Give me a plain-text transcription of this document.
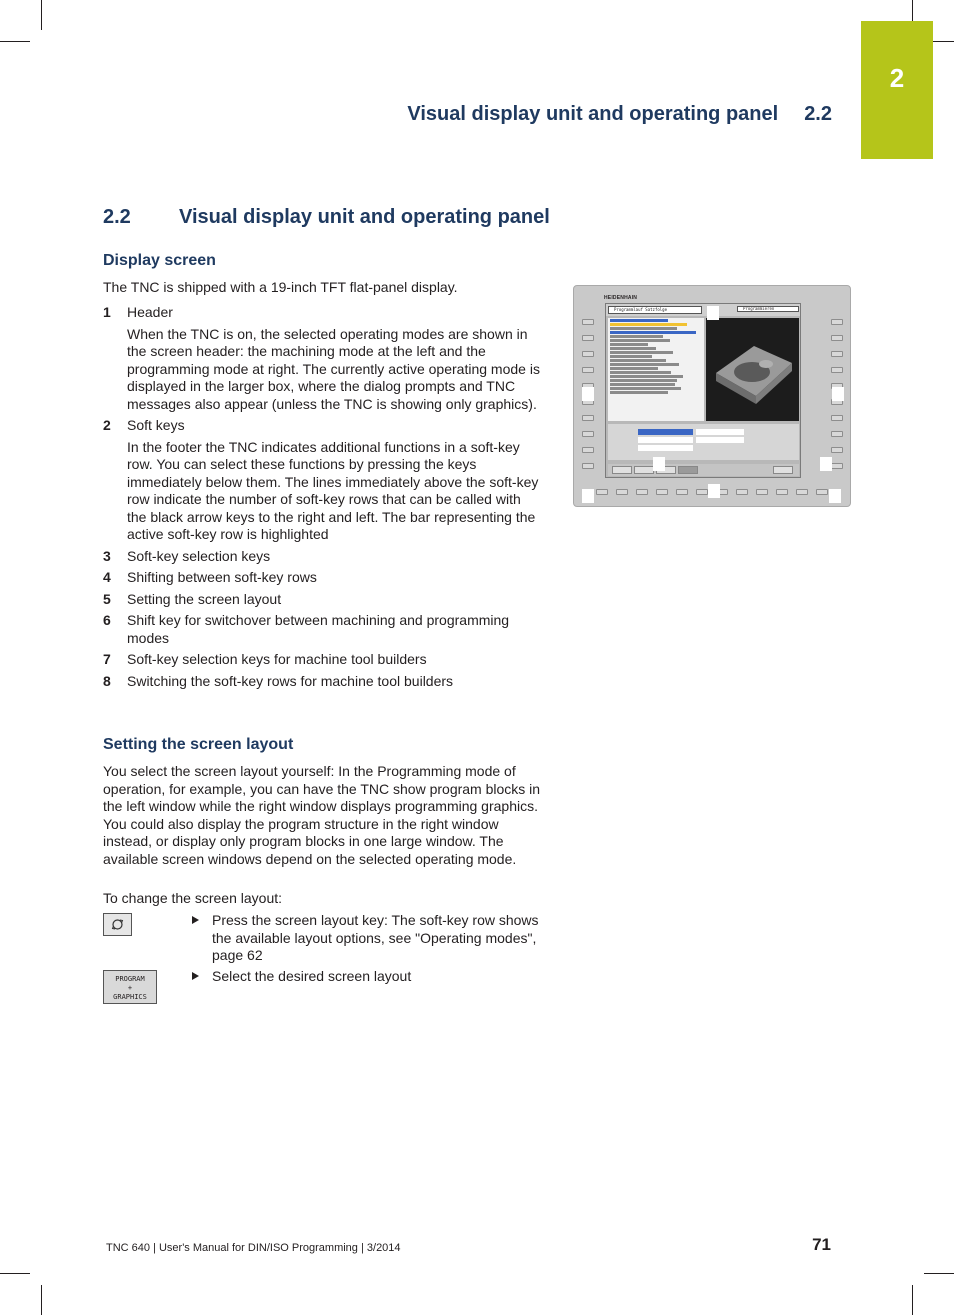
2
Visual display unit and operating panel 2.2
2.2 Visual display unit and operating panel
Display screen
The TNC is shipped with a 19-inch TFT flat-panel display.
1 Header
When the TNC is on, the selected operating modes are shown in the screen header: the machining mode at the left and the programming mode at right. The currently active operating mode is displayed in the larger box, where the dialog prompts and TNC messages also appear (unless the TNC is showing only graphics).
2 Soft keys
In the footer the TNC indicates additional functions in a soft-key row. You can select these functions by pressing the keys immediately below them. The lines immediately above the soft-key row indicate the number of soft-key rows that can be called with the black arrow keys to the right and left. The bar representing the active soft-key row is highlighted
3 Soft-key selection keys
4 Shifting between soft-key rows
5 Setting the screen layout
6 Shift key for switchover between machining and programming modes
7 Soft-key selection keys for machine tool builders
8 Switching the soft-key rows for machine tool builders
Setting the screen layout
You select the screen layout yourself: In the Programming mode of operation, for example, you can have the TNC show program blocks in the left window while the right window displays programming graphics. You could also display the program structure in the right window instead, or display only program blocks in one large window. The available screen windows depend on the selected operating mode.
To change the screen layout:
Press the screen layout key: The soft-key row shows the available layout options, see "Operating modes", page 62
PROGRAM
+
GRAPHICS
Select the desired screen layout
HEIDENHAIN
Programmlauf Satzfolge	Programmieren
TNC 640 | User's Manual for DIN/ISO Programming | 3/2014	71
